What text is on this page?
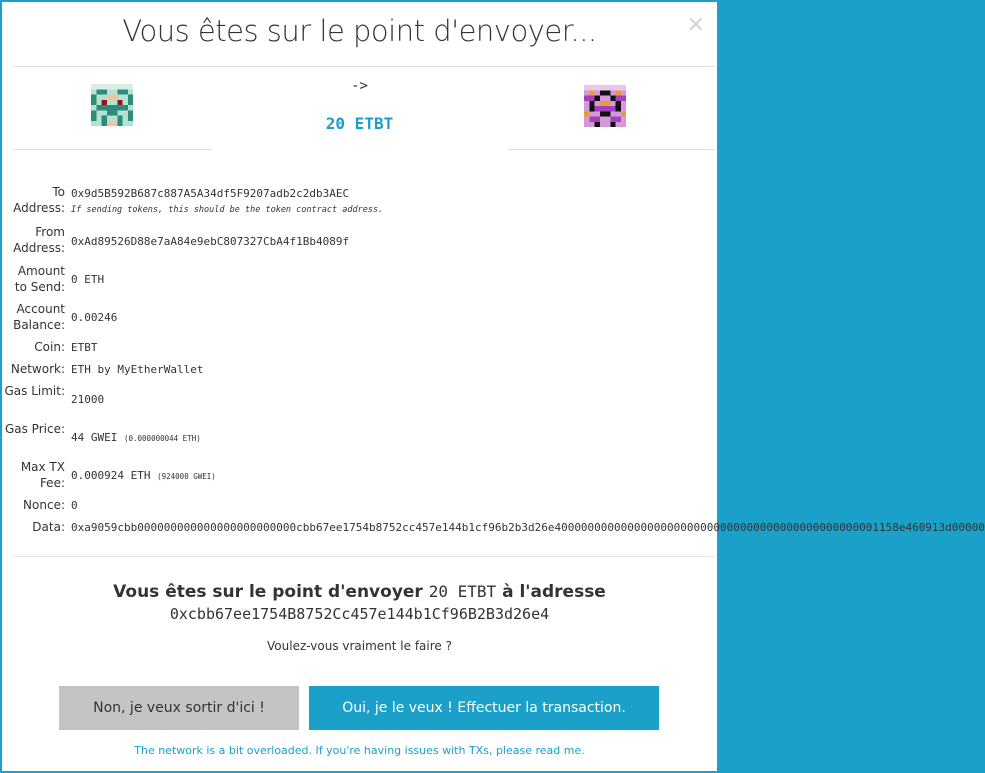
Vous êtes sur le point d'envoyer...	×
->
20 ETBT
To Address:
0x9d5B592B687c887A5A34df5F9207adb2c2db3AEC
If sending tokens, this should be the token contract address.
From Address: 0xAd89526D88e7aA84e9ebC807327CbA4f1Bb4089f
Amount to Send:
0 ETH
Account Balance:
0.00246
Coin: ETBT
Network: ETH by MyEtherWallet
Gas Limit:
21000
Gas Price:
44 GWEI (0.000000044 ETH)
Max TX Fee:
0.000924 ETH (924000 GWEI)
Nonce: 0
Data: 0xa9059cbb000000000000000000000000cbb67ee1754b8752cc457e144b1cf96b2b3d26e4000000000000000000000000000000000000000000000001158e460913d00000
Vous êtes sur le point d'envoyer 20 ETBT à l'adresse
0xcbb67ee1754B8752Cc457e144b1Cf96B2B3d26e4
Voulez-vous vraiment le faire ?
Non, je veux sortir d'ici !	Oui, je le veux ! Effectuer la transaction.
The network is a bit overloaded. If you're having issues with TXs, please read me.
